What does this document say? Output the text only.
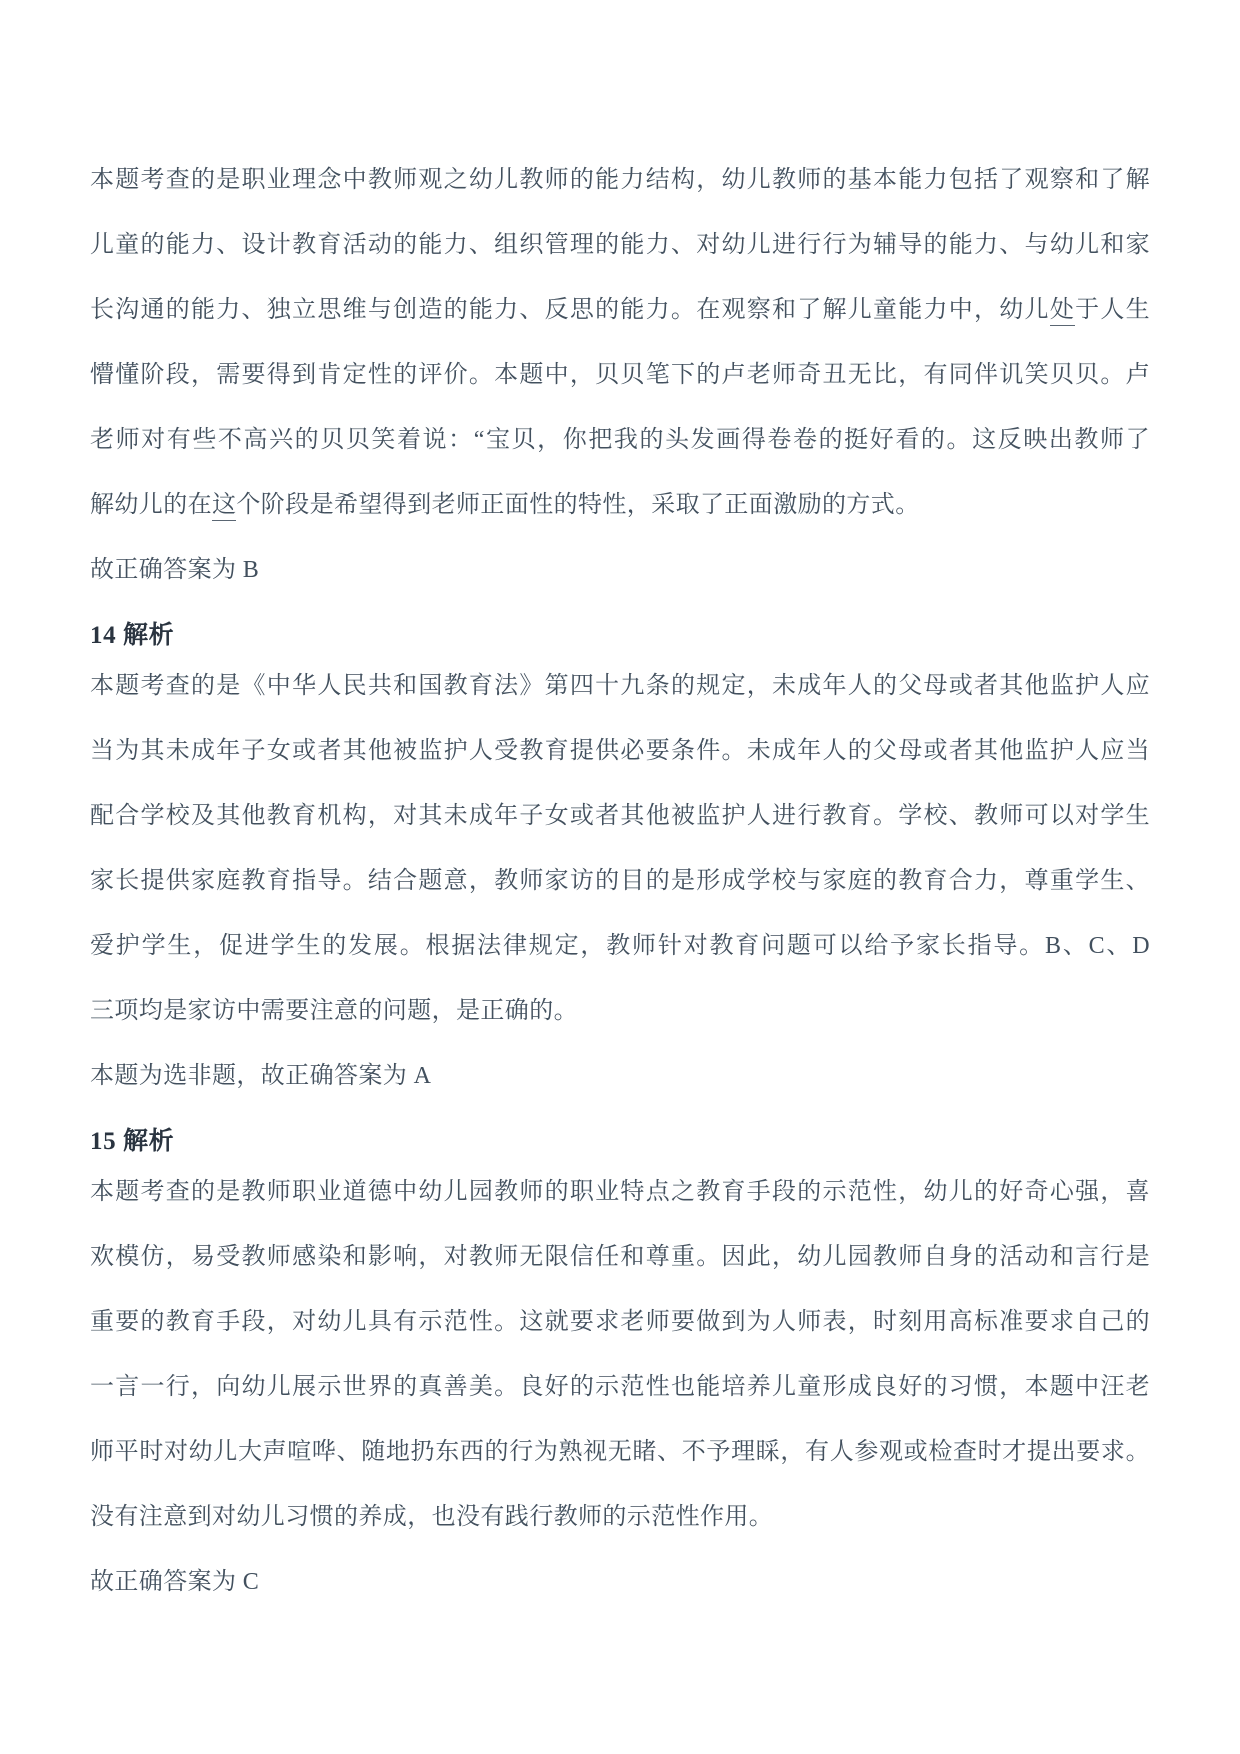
本题考查的是职业理念中教师观之幼儿教师的能力结构，幼儿教师的基本能力包括了观察和了解
儿童的能力、设计教育活动的能力、组织管理的能力、对幼儿进行行为辅导的能力、与幼儿和家
长沟通的能力、独立思维与创造的能力、反思的能力。在观察和了解儿童能力中，幼儿处于人生
懵懂阶段，需要得到肯定性的评价。本题中，贝贝笔下的卢老师奇丑无比，有同伴讥笑贝贝。卢
老师对有些不高兴的贝贝笑着说：“宝贝，你把我的头发画得卷卷的挺好看的。这反映出教师了
解幼儿的在这个阶段是希望得到老师正面性的特性，采取了正面激励的方式。
故正确答案为 B
14 解析
本题考查的是《中华人民共和国教育法》第四十九条的规定，未成年人的父母或者其他监护人应
当为其未成年子女或者其他被监护人受教育提供必要条件。未成年人的父母或者其他监护人应当
配合学校及其他教育机构，对其未成年子女或者其他被监护人进行教育。学校、教师可以对学生
家长提供家庭教育指导。结合题意，教师家访的目的是形成学校与家庭的教育合力，尊重学生、
爱护学生，促进学生的发展。根据法律规定，教师针对教育问题可以给予家长指导。B、C、D
三项均是家访中需要注意的问题，是正确的。
本题为选非题，故正确答案为 A
15 解析
本题考查的是教师职业道德中幼儿园教师的职业特点之教育手段的示范性，幼儿的好奇心强，喜
欢模仿，易受教师感染和影响，对教师无限信任和尊重。因此，幼儿园教师自身的活动和言行是
重要的教育手段，对幼儿具有示范性。这就要求老师要做到为人师表，时刻用高标准要求自己的
一言一行，向幼儿展示世界的真善美。良好的示范性也能培养儿童形成良好的习惯，本题中汪老
师平时对幼儿大声喧哗、随地扔东西的行为熟视无睹、不予理睬，有人参观或检查时才提出要求。
没有注意到对幼儿习惯的养成，也没有践行教师的示范性作用。
故正确答案为 C
